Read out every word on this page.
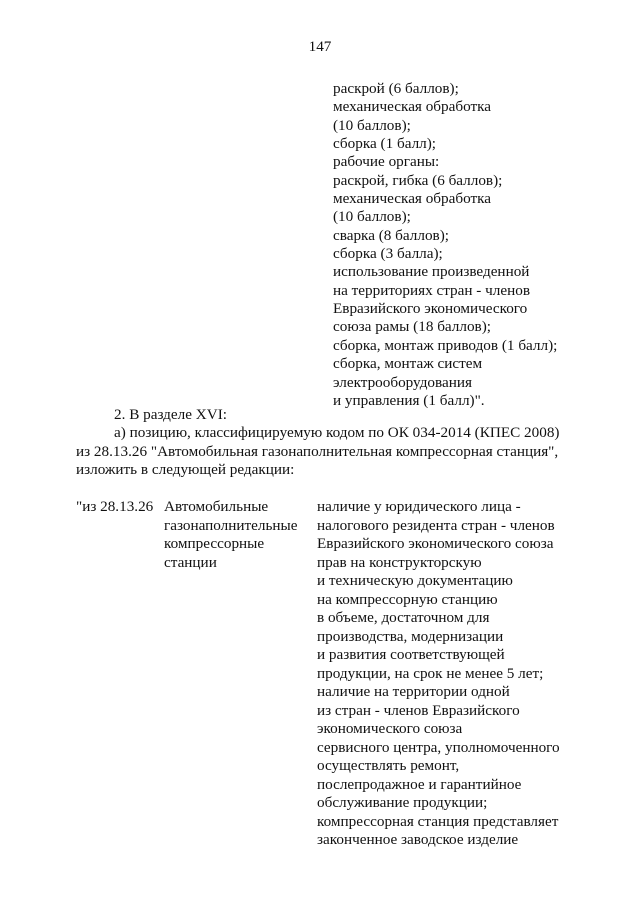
147
раскрой (6 баллов);
механическая обработка
(10 баллов);
сборка (1 балл);
рабочие органы:
раскрой, гибка (6 баллов);
механическая обработка
(10 баллов);
сварка (8 баллов);
сборка (3 балла);
использование произведенной
на территориях стран - членов
Евразийского экономического
союза рамы (18 баллов);
сборка, монтаж приводов (1 балл);
сборка, монтаж систем
электрооборудования
и управления (1 балл)".
2. В разделе XVI:
а) позицию, классифицируемую кодом по ОК 034-2014 (КПЕС 2008)
из 28.13.26 "Автомобильная газонаполнительная компрессорная станция",
изложить в следующей редакции:
"из 28.13.26 Автомобильные
газонаполнительные
компрессорные
станции
наличие у юридического лица -
налогового резидента стран - членов
Евразийского экономического союза
прав на конструкторскую
и техническую документацию
на компрессорную станцию
в объеме, достаточном для
производства, модернизации
и развития соответствующей
продукции, на срок не менее 5 лет;
наличие на территории одной
из стран - членов Евразийского
экономического союза
сервисного центра, уполномоченного
осуществлять ремонт,
послепродажное и гарантийное
обслуживание продукции;
компрессорная станция представляет
законченное заводское изделие
